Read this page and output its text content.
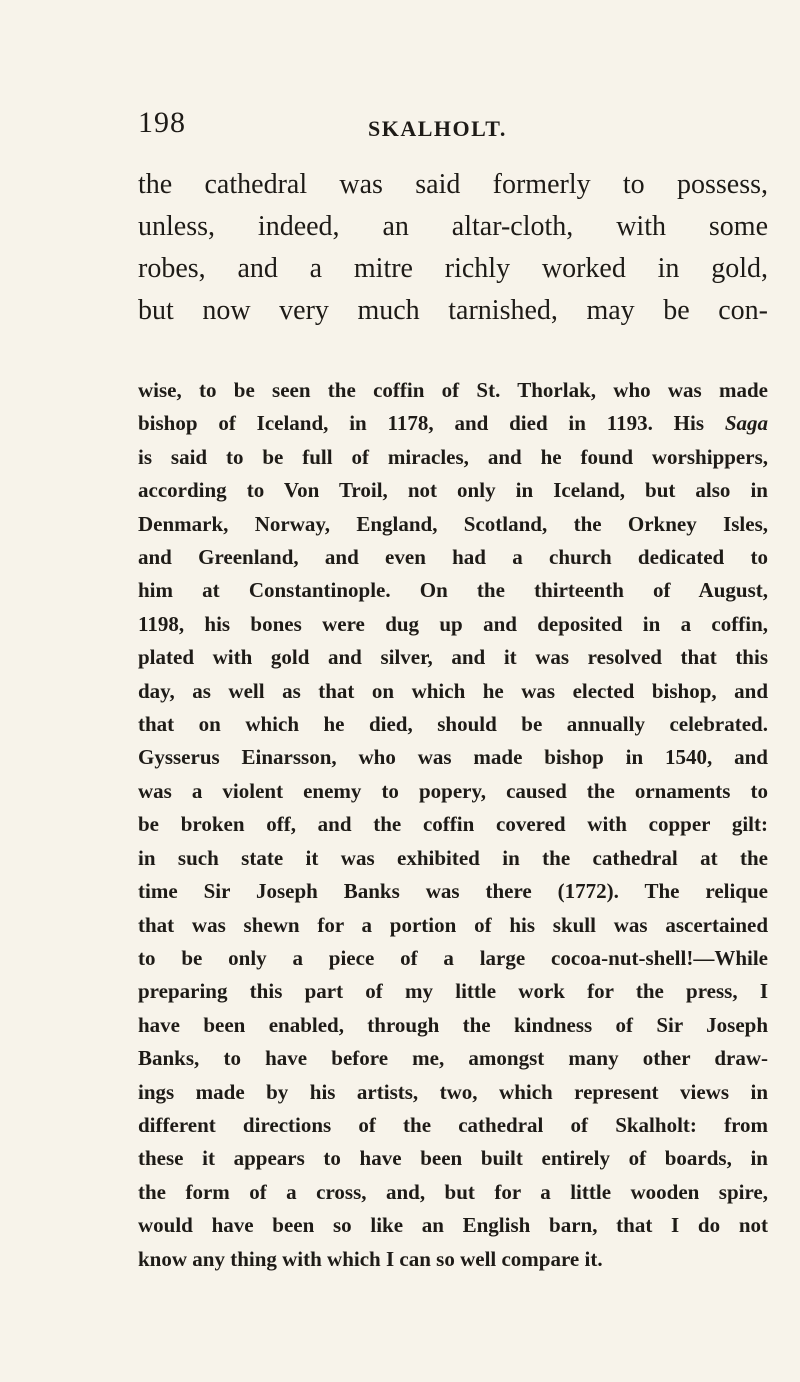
198	SKALHOLT.
the cathedral was said formerly to possess,
unless, indeed, an altar-cloth, with some
robes, and a mitre richly worked in gold,
but now very much tarnished, may be con-
wise, to be seen the coffin of St. Thorlak, who was made
bishop of Iceland, in 1178, and died in 1193. His Saga
is said to be full of miracles, and he found worshippers,
according to Von Troil, not only in Iceland, but also in
Denmark, Norway, England, Scotland, the Orkney Isles,
and Greenland, and even had a church dedicated to
him at Constantinople. On the thirteenth of August,
1198, his bones were dug up and deposited in a coffin,
plated with gold and silver, and it was resolved that this
day, as well as that on which he was elected bishop, and
that on which he died, should be annually celebrated.
Gysserus Einarsson, who was made bishop in 1540, and
was a violent enemy to popery, caused the ornaments to
be broken off, and the coffin covered with copper gilt:
in such state it was exhibited in the cathedral at the
time Sir Joseph Banks was there (1772). The relique
that was shewn for a portion of his skull was ascertained
to be only a piece of a large cocoa-nut-shell!—While
preparing this part of my little work for the press, I
have been enabled, through the kindness of Sir Joseph
Banks, to have before me, amongst many other draw-
ings made by his artists, two, which represent views in
different directions of the cathedral of Skalholt: from
these it appears to have been built entirely of boards, in
the form of a cross, and, but for a little wooden spire,
would have been so like an English barn, that I do not
know any thing with which I can so well compare it.
